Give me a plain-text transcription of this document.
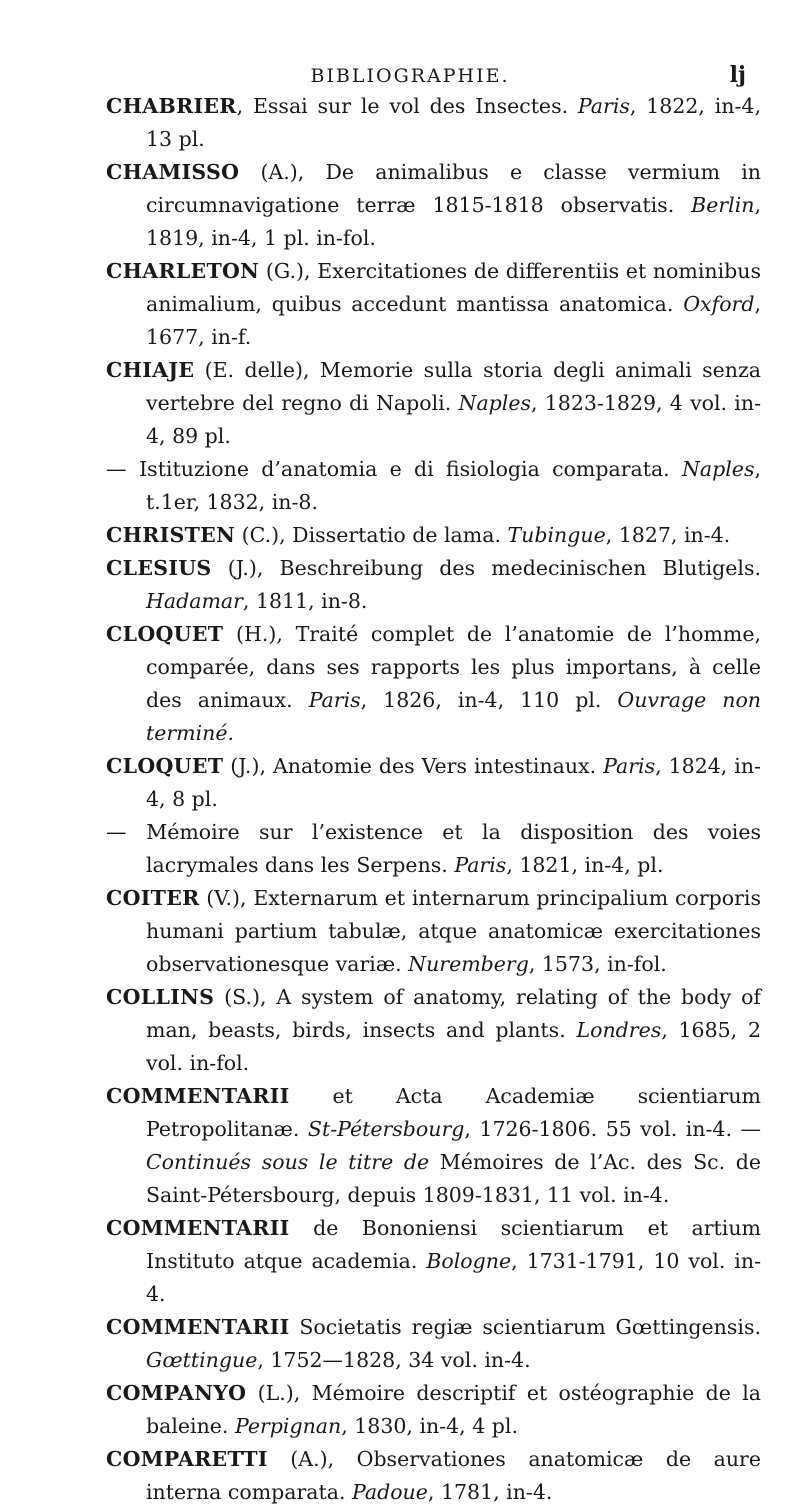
BIBLIOGRAPHIE.	lj

CHABRIER, Essai sur le vol des Insectes. Paris, 1822, in-4, 13 pl.

CHAMISSO (A.), De animalibus e classe vermium in circumnavigatione terræ 1815-1818 observatis. Berlin, 1819, in-4, 1 pl. in-fol.

CHARLETON (G.), Exercitationes de differentiis et nominibus animalium, quibus accedunt mantissa anatomica. Oxford, 1677, in-f.

CHIAJE (E. delle), Memorie sulla storia degli animali senza vertebre del regno di Napoli. Naples, 1823-1829, 4 vol. in-4, 89 pl.

— Istituzione d’anatomia e di fisiologia comparata. Naples, t.1er, 1832, in-8.

CHRISTEN (C.), Dissertatio de lama. Tubingue, 1827, in-4.

CLESIUS (J.), Beschreibung des medecinischen Blutigels. Hadamar, 1811, in-8.

CLOQUET (H.), Traité complet de l’anatomie de l’homme, comparée, dans ses rapports les plus importans, à celle des animaux. Paris, 1826, in-4, 110 pl. Ouvrage non terminé.

CLOQUET (J.), Anatomie des Vers intestinaux. Paris, 1824, in-4, 8 pl.

— Mémoire sur l’existence et la disposition des voies lacrymales dans les Serpens. Paris, 1821, in-4, pl.

COITER (V.), Externarum et internarum principalium corporis humani partium tabulæ, atque anatomicæ exercitationes observationesque variæ. Nuremberg, 1573, in-fol.

COLLINS (S.), A system of anatomy, relating of the body of man, beasts, birds, insects and plants. Londres, 1685, 2 vol. in-fol.

COMMENTARII et Acta Academiæ scientiarum Petropolitanæ. St-Pétersbourg, 1726-1806. 55 vol. in-4. — Continués sous le titre de Mémoires de l’Ac. des Sc. de Saint-Pétersbourg, depuis 1809-1831, 11 vol. in-4.

COMMENTARII de Bononiensi scientiarum et artium Instituto atque academia. Bologne, 1731-1791, 10 vol. in-4.

COMMENTARII Societatis regiæ scientiarum Gœttingensis. Gœttingue, 1752—1828, 34 vol. in-4.

COMPANYO (L.), Mémoire descriptif et ostéographie de la baleine. Perpignan, 1830, in-4, 4 pl.

COMPARETTI (A.), Observationes anatomicæ de aure interna comparata. Padoue, 1781, in-4.
